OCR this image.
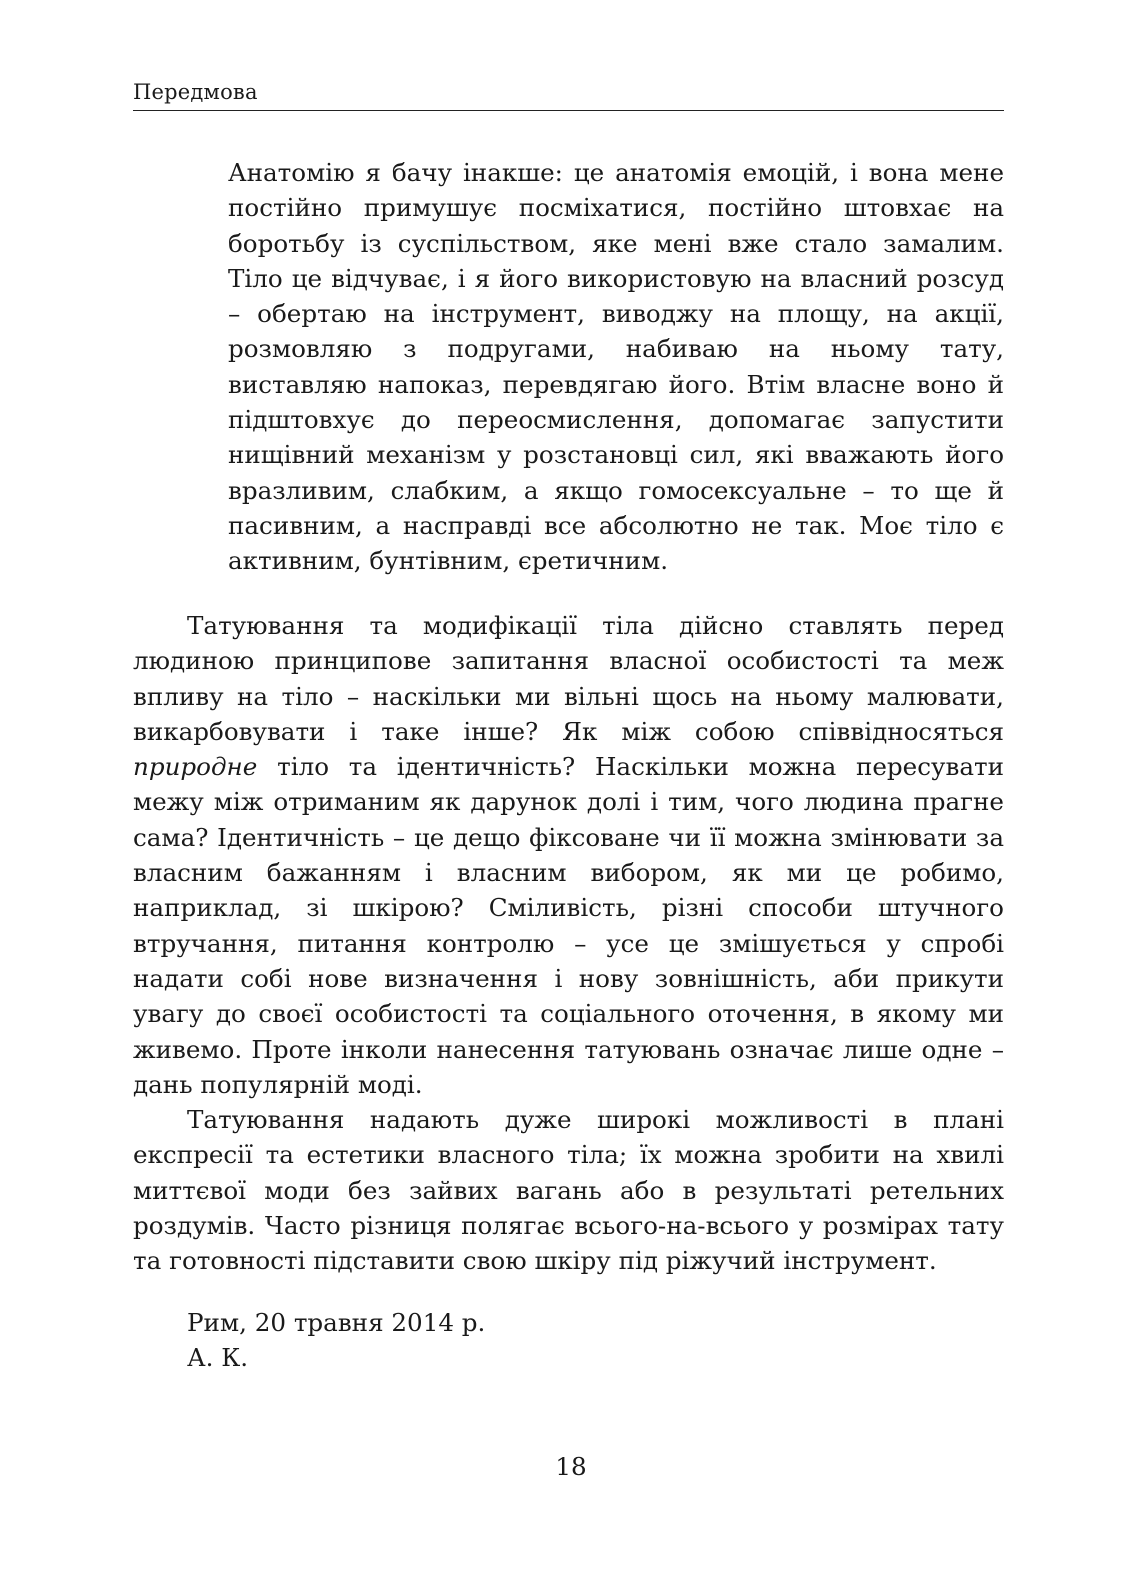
Передмова

Анатомію я бачу інакше: це анатомія емоцій, і вона мене постійно примушує посміхатися, постійно штовхає на боротьбу із суспільством, яке мені вже стало замалим. Тіло це відчуває, і я його використовую на власний розсуд – обертаю на інструмент, виводжу на площу, на акції, розмовляю з подругами, набиваю на ньому тату, виставляю напоказ, перевдягаю його. Втім власне воно й підштовхує до переосмислення, допомагає запустити нищівний механізм у розстановці сил, які вважають його вразливим, слабким, а якщо гомосексуальне – то ще й пасивним, а насправді все абсолютно не так. Моє тіло є активним, бунтівним, єретичним.

Татуювання та модифікації тіла дійсно ставлять перед людиною принципове запитання власної особистості та меж впливу на тіло – наскільки ми вільні щось на ньому малювати, викарбовувати і таке інше? Як між собою співвідносяться природне тіло та ідентичність? Наскільки можна пересувати межу між отриманим як дарунок долі і тим, чого людина прагне сама? Ідентичність – це дещо фіксоване чи її можна змінювати за власним бажанням і власним вибором, як ми це робимо, наприклад, зі шкірою? Сміливість, різні способи штучного втручання, питання контролю – усе це змішується у спробі надати собі нове визначення і нову зовнішність, аби прикути увагу до своєї особистості та соціального оточення, в якому ми живемо. Проте інколи нанесення татуювань означає лише одне – дань популярній моді.

Татуювання надають дуже широкі можливості в плані експресії та естетики власного тіла; їх можна зробити на хвилі миттєвої моди без зайвих вагань або в результаті ретельних роздумів. Часто різниця полягає всього-на-всього у розмірах тату та готовності підставити свою шкіру під ріжучий інструмент.

Рим, 20 травня 2014 р.
А. К.
18
